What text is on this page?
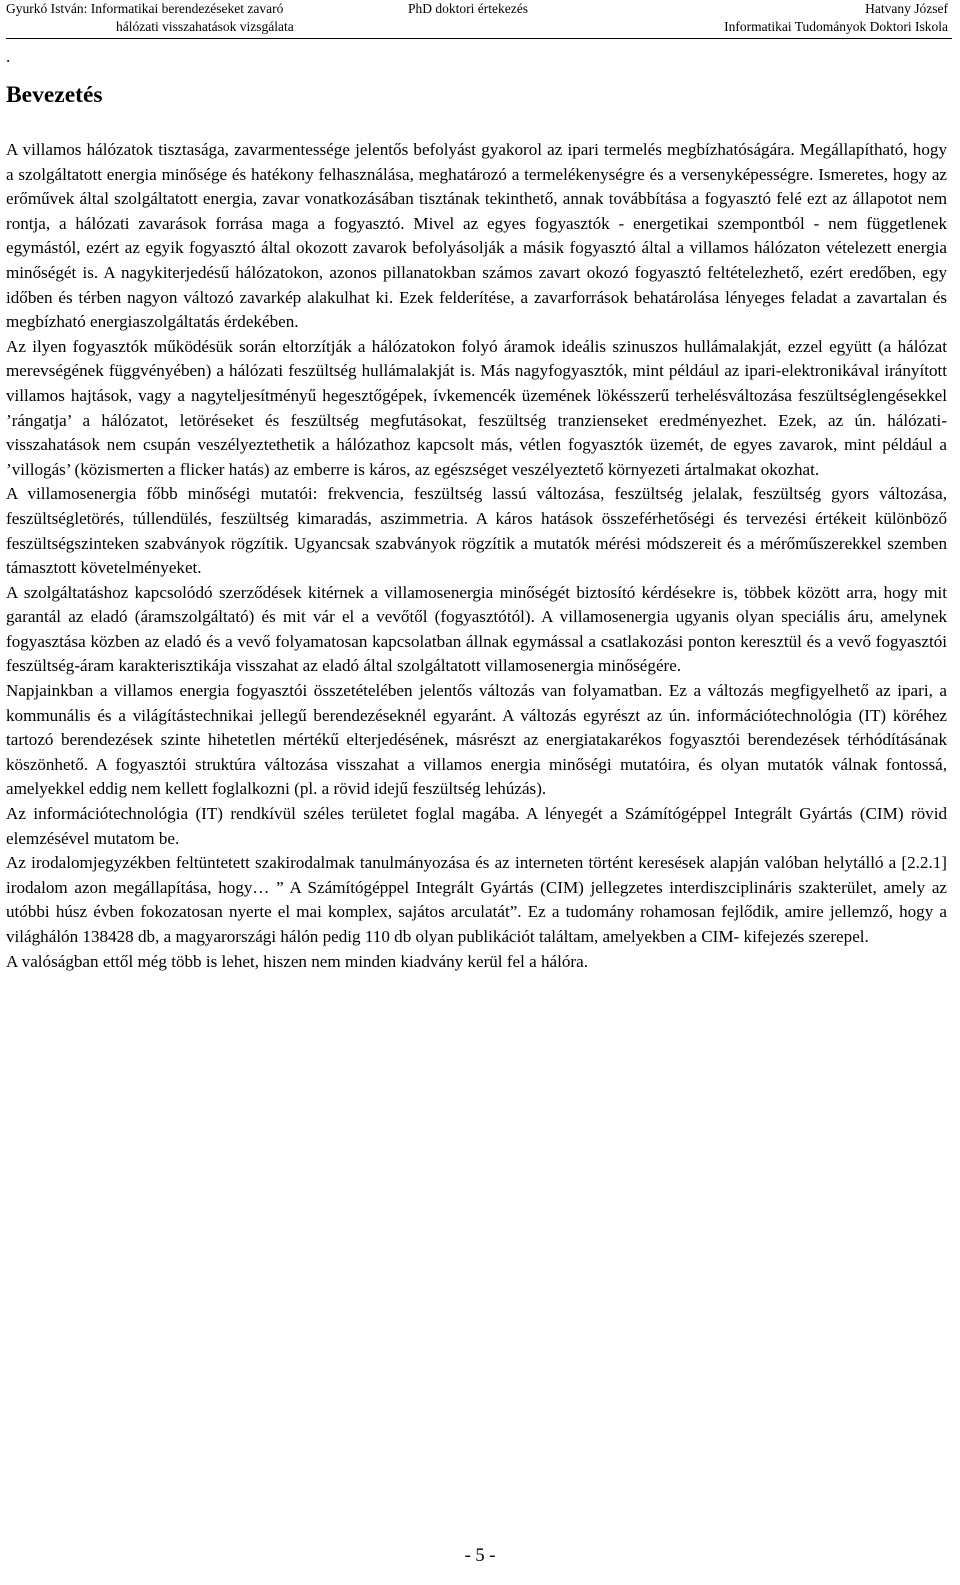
Gyurkó István: Informatikai berendezéseket zavaró
hálózati visszahatások vizsgálata
PhD doktori értekezés	Hatvany József
Informatikai Tudományok Doktori Iskola
.
Bevezetés

A villamos hálózatok tisztasága, zavarmentessége jelentős befolyást gyakorol az ipari termelés megbízhatóságára. Megállapítható, hogy a szolgáltatott energia minősége és hatékony felhasználása, meghatározó a termelékenységre és a versenyképességre. Ismeretes, hogy az erőművek által szolgáltatott energia, zavar vonatkozásában tisztának tekinthető, annak továbbítása a fogyasztó felé ezt az állapotot nem rontja, a hálózati zavarások forrása maga a fogyasztó. Mivel az egyes fogyasztók - energetikai szempontból - nem függetlenek egymástól, ezért az egyik fogyasztó által okozott zavarok befolyásolják a másik fogyasztó által a villamos hálózaton vételezett energia minőségét is. A nagykiterjedésű hálózatokon, azonos pillanatokban számos zavart okozó fogyasztó feltételezhető, ezért eredőben, egy időben és térben nagyon változó zavarkép alakulhat ki. Ezek felderítése, a zavarforrások behatárolása lényeges feladat a zavartalan és megbízható energiaszolgáltatás érdekében.

Az ilyen fogyasztók működésük során eltorzítják a hálózatokon folyó áramok ideális szinuszos hullámalakját, ezzel együtt (a hálózat merevségének függvényében) a hálózati feszültség hullámalakját is. Más nagyfogyasztók, mint például az ipari-elektronikával irányított villamos hajtások, vagy a nagyteljesítményű hegesztőgépek, ívkemencék üzemének lökésszerű terhelésváltozása feszültséglengésekkel ’rángatja’ a hálózatot, letöréseket és feszültség megfutásokat, feszültség tranzienseket eredményezhet. Ezek, az ún. hálózati-visszahatások nem csupán veszélyeztethetik a hálózathoz kapcsolt más, vétlen fogyasztók üzemét, de egyes zavarok, mint például a ’villogás’ (közismerten a flicker hatás) az emberre is káros, az egészséget veszélyeztető környezeti ártalmakat okozhat.

A villamosenergia főbb minőségi mutatói: frekvencia, feszültség lassú változása, feszültség jelalak, feszültség gyors változása, feszültségletörés, túllendülés, feszültség kimaradás, aszimmetria. A káros hatások összeférhetőségi és tervezési értékeit különböző feszültségszinteken szabványok rögzítik. Ugyancsak szabványok rögzítik a mutatók mérési módszereit és a mérőműszerekkel szemben támasztott követelményeket.

A szolgáltatáshoz kapcsolódó szerződések kitérnek a villamosenergia minőségét biztosító kérdésekre is, többek között arra, hogy mit garantál az eladó (áramszolgáltató) és mit vár el a vevőtől (fogyasztótól). A villamosenergia ugyanis olyan speciális áru, amelynek fogyasztása közben az eladó és a vevő folyamatosan kapcsolatban állnak egymással a csatlakozási ponton keresztül és a vevő fogyasztói feszültség-áram karakterisztikája visszahat az eladó által szolgáltatott villamosenergia minőségére.

Napjainkban a villamos energia fogyasztói összetételében jelentős változás van folyamatban. Ez a változás megfigyelhető az ipari, a kommunális és a világítástechnikai jellegű berendezéseknél egyaránt. A változás egyrészt az ún. információtechnológia (IT) köréhez tartozó berendezések szinte hihetetlen mértékű elterjedésének, másrészt az energiatakarékos fogyasztói berendezések térhódításának köszönhető. A fogyasztói struktúra változása visszahat a villamos energia minőségi mutatóira, és olyan mutatók válnak fontossá, amelyekkel eddig nem kellett foglalkozni (pl. a rövid idejű feszültség lehúzás).

Az információtechnológia (IT) rendkívül széles területet foglal magába. A lényegét a Számítógéppel Integrált Gyártás (CIM) rövid elemzésével mutatom be.

Az irodalomjegyzékben feltüntetett szakirodalmak tanulmányozása és az interneten történt keresések alapján valóban helytálló a [2.2.1] irodalom azon megállapítása, hogy… ” A Számítógéppel Integrált Gyártás (CIM) jellegzetes interdiszciplináris szakterület, amely az utóbbi húsz évben fokozatosan nyerte el mai komplex, sajátos arculatát”. Ez a tudomány rohamosan fejlődik, amire jellemző, hogy a világhálón 138428 db, a magyarországi hálón pedig 110 db olyan publikációt találtam, amelyekben a CIM- kifejezés szerepel.

A valóságban ettől még több is lehet, hiszen nem minden kiadvány kerül fel a hálóra.

- 5 -
